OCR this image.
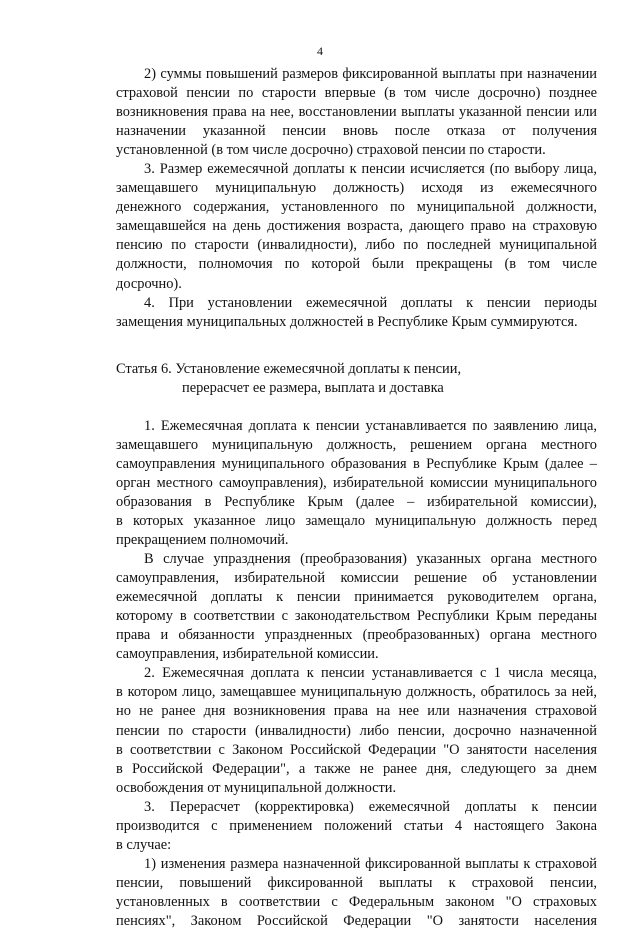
4

2) суммы повышений размеров фиксированной выплаты при назначении
страховой пенсии по старости впервые (в том числе досрочно) позднее
возникновения права на нее, восстановлении выплаты указанной пенсии или
назначении указанной пенсии вновь после отказа от получения
установленной (в том числе досрочно) страховой пенсии по старости.

3. Размер ежемесячной доплаты к пенсии исчисляется (по выбору лица,
замещавшего муниципальную должность) исходя из ежемесячного
денежного содержания, установленного по муниципальной должности,
замещавшейся на день достижения возраста, дающего право на страховую
пенсию по старости (инвалидности), либо по последней муниципальной
должности, полномочия по которой были прекращены (в том числе
досрочно).

4. При установлении ежемесячной доплаты к пенсии периоды
замещения муниципальных должностей в Республике Крым суммируются.

Статья 6. Установление ежемесячной доплаты к пенсии,
перерасчет ее размера, выплата и доставка

1. Ежемесячная доплата к пенсии устанавливается по заявлению лица,
замещавшего муниципальную должность, решением органа местного
самоуправления муниципального образования в Республике Крым (далее –
орган местного самоуправления), избирательной комиссии муниципального
образования в Республике Крым (далее – избирательной комиссии),
в которых указанное лицо замещало муниципальную должность перед
прекращением полномочий.

В случае упразднения (преобразования) указанных органа местного
самоуправления, избирательной комиссии решение об установлении
ежемесячной доплаты к пенсии принимается руководителем органа,
которому в соответствии с законодательством Республики Крым переданы
права и обязанности упраздненных (преобразованных) органа местного
самоуправления, избирательной комиссии.

2. Ежемесячная доплата к пенсии устанавливается с 1 числа месяца,
в котором лицо, замещавшее муниципальную должность, обратилось за ней,
но не ранее дня возникновения права на нее или назначения страховой
пенсии по старости (инвалидности) либо пенсии, досрочно назначенной
в соответствии с Законом Российской Федерации "О занятости населения
в Российской Федерации", а также не ранее дня, следующего за днем
освобождения от муниципальной должности.

3. Перерасчет (корректировка) ежемесячной доплаты к пенсии
производится с применением положений статьи 4 настоящего Закона
в случае:

1) изменения размера назначенной фиксированной выплаты к страховой
пенсии, повышений фиксированной выплаты к страховой пенсии,
установленных в соответствии с Федеральным законом "О страховых
пенсиях", Законом Российской Федерации "О занятости населения
